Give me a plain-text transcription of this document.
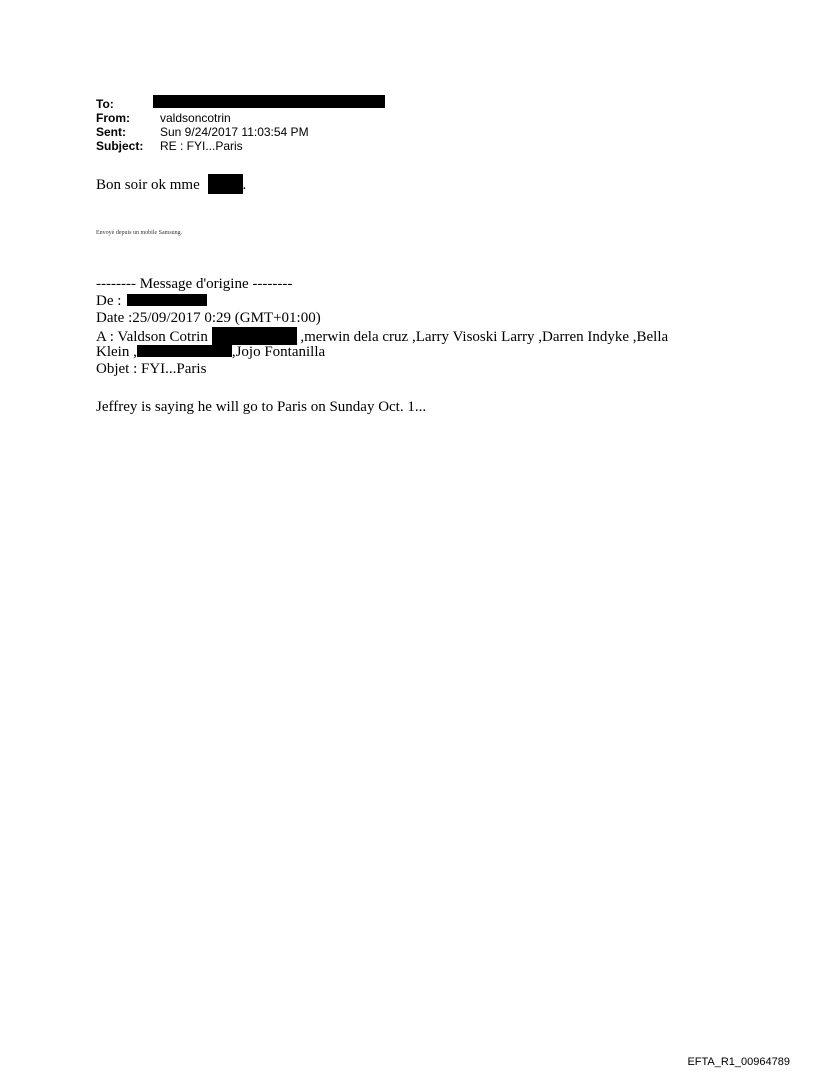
To:
From:	valdsoncotrin
Sent:	Sun 9/24/2017 11:03:54 PM
Subject: RE : FYI...Paris
Bon soir ok mme	.
Envoyé depuis un mobile Samsung.
-------- Message d'origine --------
De :
Date :25/09/2017 0:29 (GMT+01:00)
A : Valdson Cotrin	,merwin dela cruz ,Larry Visoski Larry ,Darren Indyke ,Bella
Klein ,	,Jojo Fontanilla
Objet : FYI...Paris
Jeffrey is saying he will go to Paris on Sunday Oct. 1...
EFTA_R1_00964789
